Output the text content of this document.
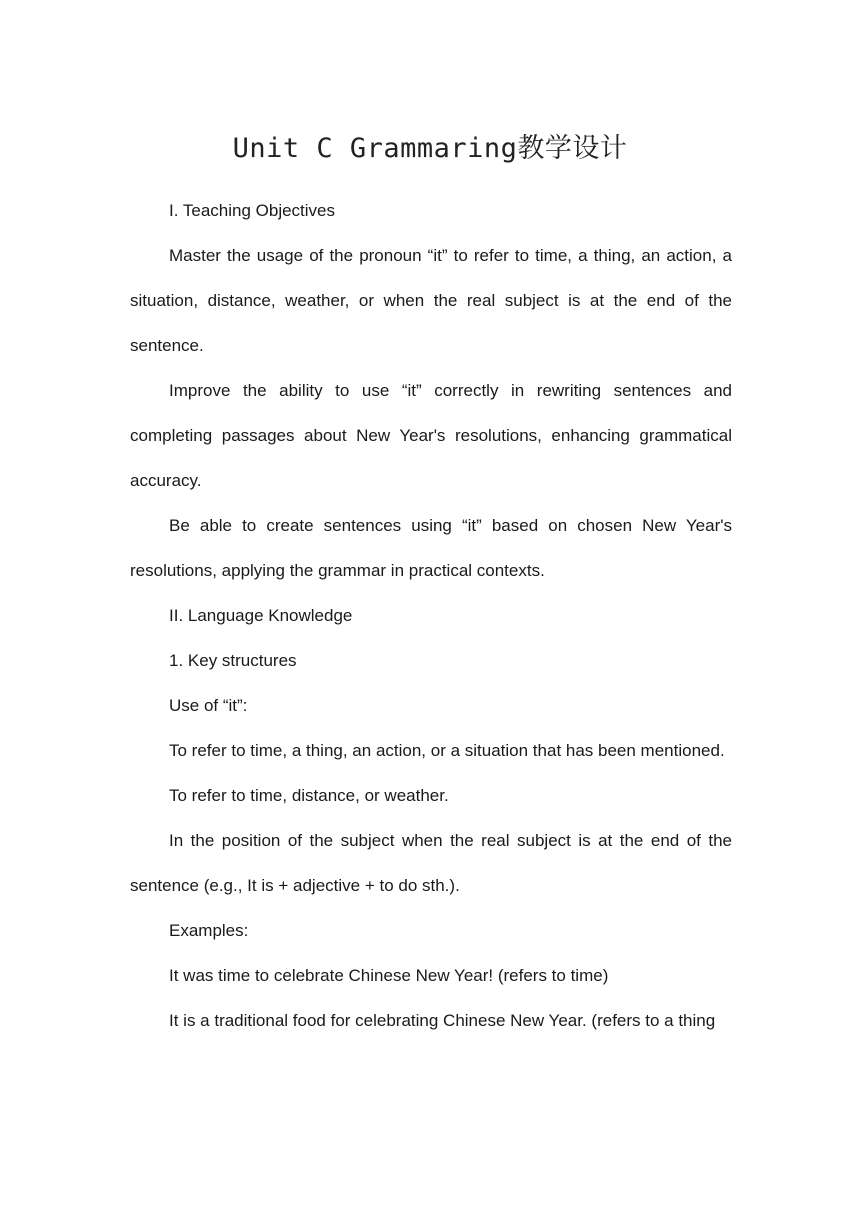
Unit C Grammaring教学设计

I. Teaching Objectives

Master the usage of the pronoun “it” to refer to time, a thing, an action, a situation, distance, weather, or when the real subject is at the end of the sentence.

Improve the ability to use “it” correctly in rewriting sentences and completing passages about New Year's resolutions, enhancing grammatical accuracy.

Be able to create sentences using “it” based on chosen New Year's resolutions, applying the grammar in practical contexts.

II. Language Knowledge

1. Key structures

Use of “it”:

To refer to time, a thing, an action, or a situation that has been mentioned.

To refer to time, distance, or weather.

In the position of the subject when the real subject is at the end of the sentence (e.g., It is + adjective + to do sth.).

Examples:

It was time to celebrate Chinese New Year! (refers to time)

It is a traditional food for celebrating Chinese New Year. (refers to a thing
